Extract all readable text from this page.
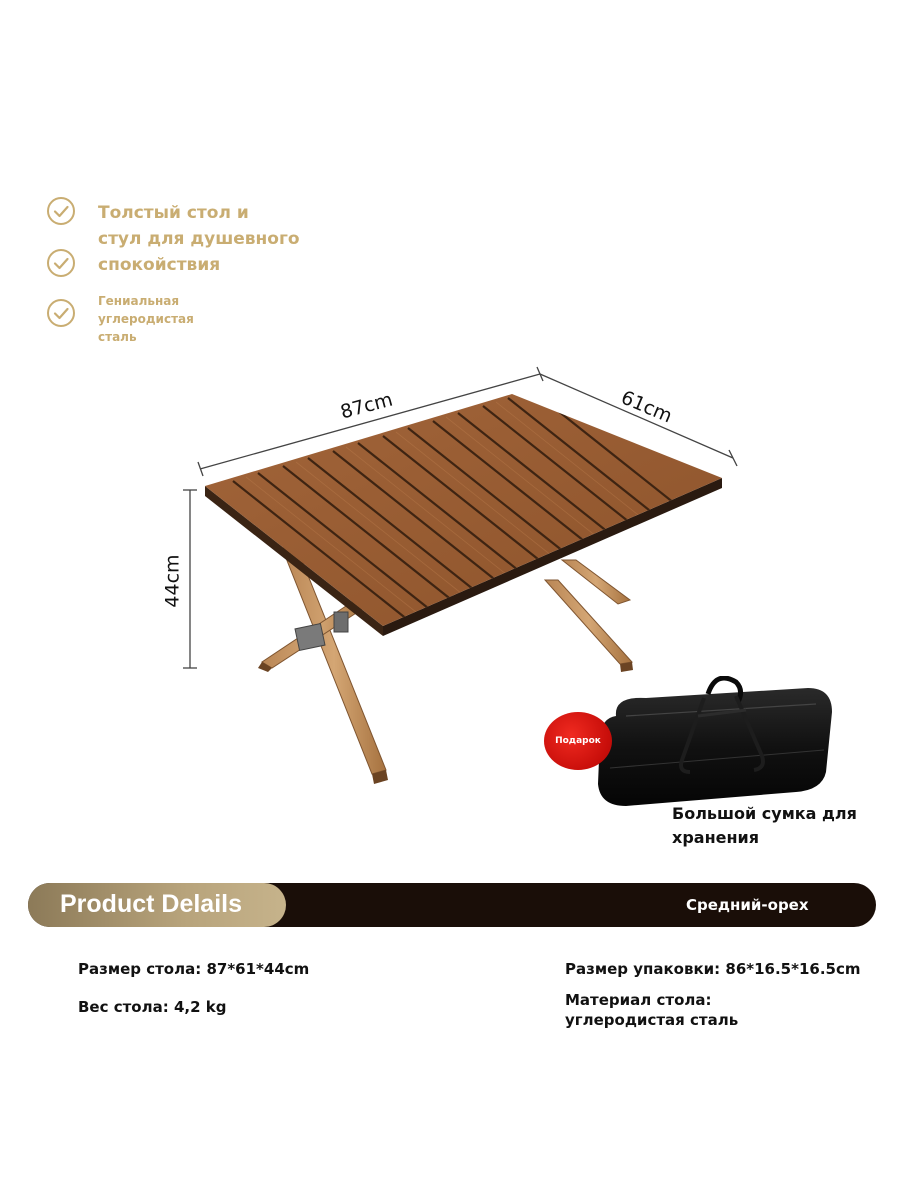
Толстый стол и
стул для душевного
спокойствия
Гениальная
углеродистая
сталь
87cm	61cm
44cm
Подарок
Большой сумка для
хранения
Product Delails	Средний-орех
Размер стола: 87*61*44cm
Вес стола: 4,2 kg
Размер упаковки: 86*16.5*16.5cm
Материал стола:
углеродистая сталь
